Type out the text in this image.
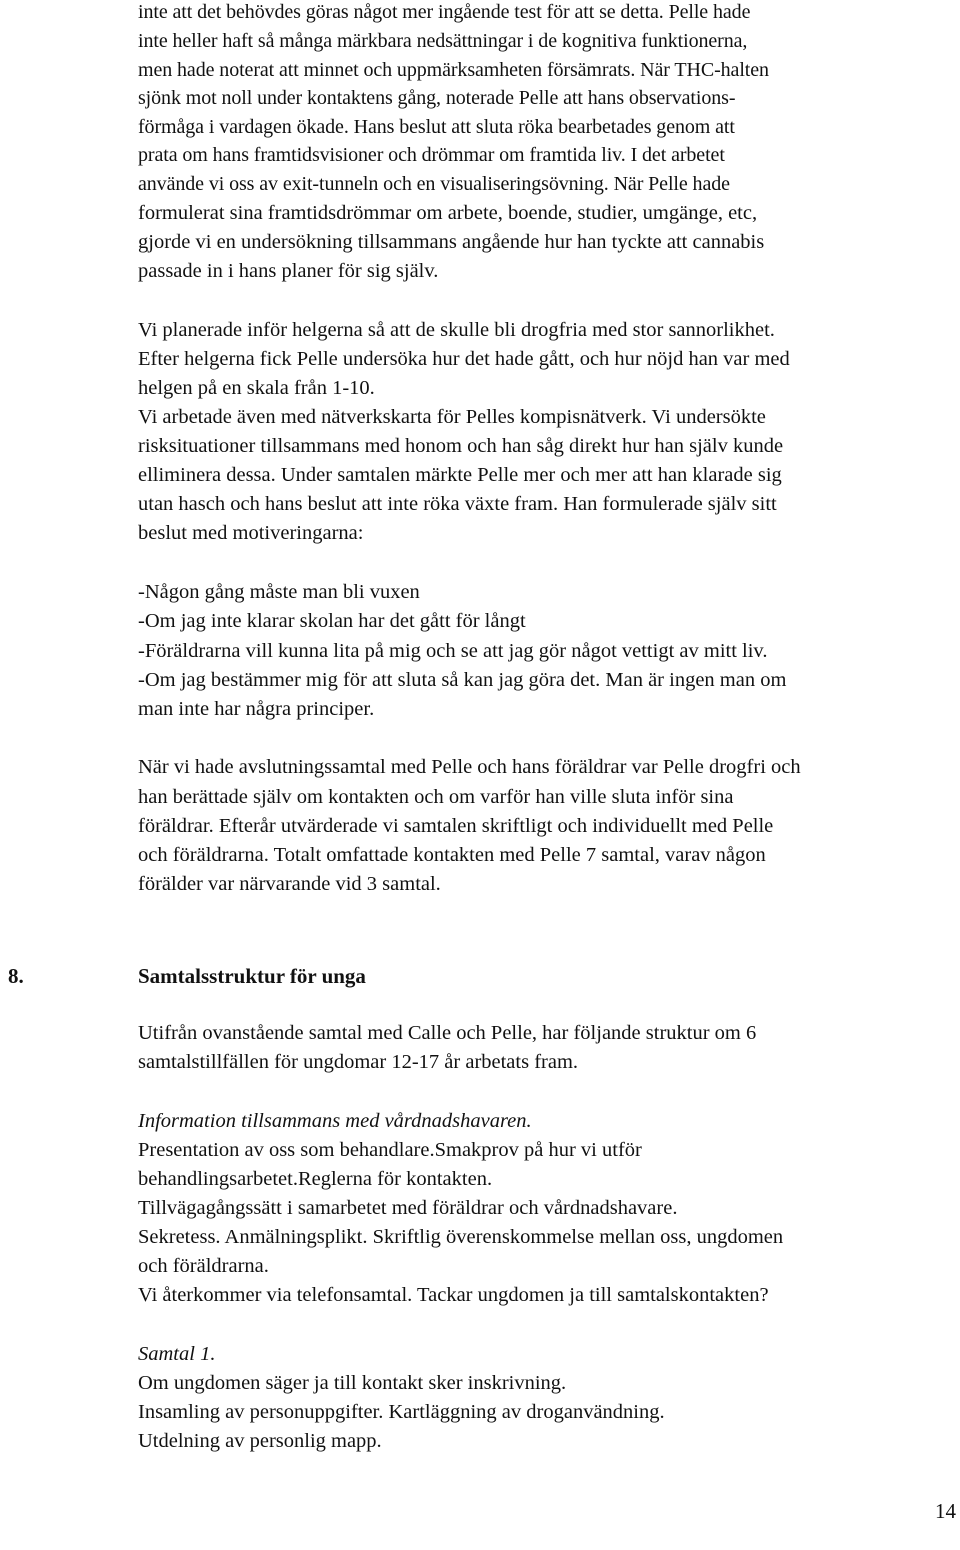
inte att det behövdes göras något mer ingående test för att se detta. Pelle hade

inte heller haft så många märkbara nedsättningar i de kognitiva funktionerna,

men hade noterat att minnet och uppmärksamheten försämrats. När THC-halten

sjönk mot noll under kontaktens gång, noterade Pelle att hans observations-

förmåga i vardagen ökade. Hans beslut att sluta röka bearbetades genom att

prata om hans framtidsvisioner och drömmar om framtida liv. I det arbetet

använde vi oss av exit-tunneln och en visualiseringsövning. När Pelle hade

formulerat sina framtidsdrömmar om arbete, boende, studier, umgänge, etc,

gjorde vi en undersökning tillsammans angående hur han tyckte att cannabis

passade in i hans planer för sig själv.

Vi planerade inför helgerna så att de skulle bli drogfria med stor sannorlikhet.

Efter helgerna fick Pelle undersöka hur det hade gått, och hur nöjd han var med

helgen på en skala från 1-10.

Vi arbetade även med nätverkskarta för Pelles kompisnätverk. Vi undersökte

risksituationer tillsammans med honom och han såg direkt hur han själv kunde

elliminera dessa. Under samtalen märkte Pelle mer och mer att han klarade sig

utan hasch och hans beslut att inte röka växte fram. Han formulerade själv sitt

beslut med motiveringarna:

-Någon gång måste man bli vuxen

-Om jag inte klarar skolan har det gått för långt

-Föräldrarna vill kunna lita på mig och se att jag gör något vettigt av mitt liv.

-Om jag bestämmer mig för att sluta så kan jag göra det. Man är ingen man om

man inte har några principer.

När vi hade avslutningssamtal med Pelle och hans föräldrar var Pelle drogfri och

han berättade själv om kontakten och om varför han ville sluta inför sina

föräldrar. Efterår utvärderade vi samtalen skriftligt och individuellt med Pelle

och föräldrarna. Totalt omfattade kontakten med Pelle 7 samtal, varav någon

förälder var närvarande vid 3 samtal.

8.	Samtalsstruktur för unga

Utifrån ovanstående samtal med Calle och Pelle, har följande struktur om 6

samtalstillfällen för ungdomar 12-17 år arbetats fram.

Information tillsammans med vårdnadshavaren.

Presentation av oss som behandlare.Smakprov på hur vi utför

behandlingsarbetet.Reglerna för kontakten.

Tillvägagångssätt i samarbetet med föräldrar och vårdnadshavare.

Sekretess. Anmälningsplikt. Skriftlig överenskommelse mellan oss, ungdomen

och föräldrarna.

Vi återkommer via telefonsamtal. Tackar ungdomen ja till samtalskontakten?

Samtal 1.

Om ungdomen säger ja till kontakt sker inskrivning.

Insamling av personuppgifter. Kartläggning av droganvändning.

Utdelning av personlig mapp.

14
